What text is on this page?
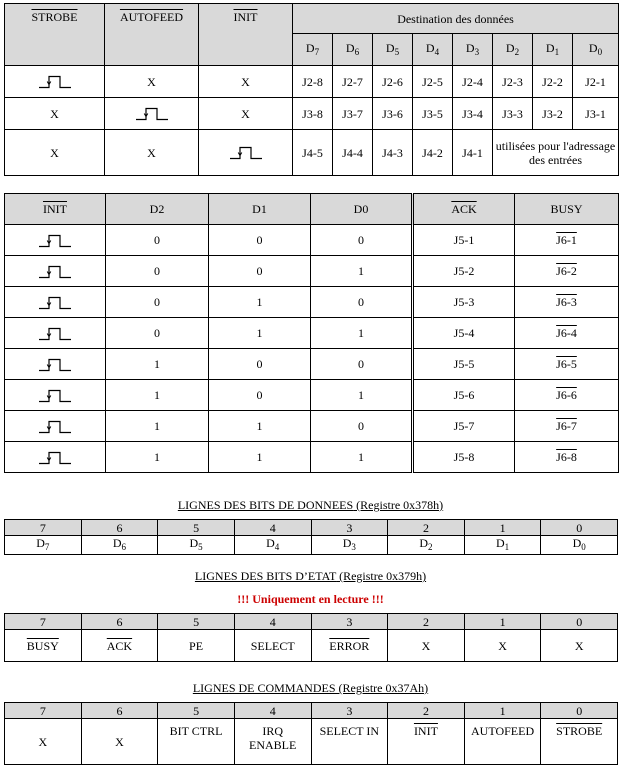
STROBE	AUTOFEED	INIT	Destination des données							
			$D_7$	$D_6$	$D_5$	$D_4$	$D_3$	$D_2$	$D_1$	$D_0$
	X	X	J2-8	J2-7	J2-6	J2-5	J2-4	J2-3	J2-2	J2-1
X		X	J3-8	J3-7	J3-6	J3-5	J3-4	J3-3	J3-2	J3-1
X	X		J4-5	J4-4	J4-3	J4-2	J4-1	utilisées pour l'adressage des entrées		
INIT	D2	D1	D0	$\overline{ACK}$	BUSY
	0	0	0	J5-1	J6-1
	0	0	1	J5-2	J6-2
	0	1	0	J5-3	J6-3
	0	1	1	J5-4	J6-4
	1	0	0	J5-5	J6-5
	1	0	1	J5-6	J6-6
	1	1	0	J5-7	J6-7
	1	1	1	J5-8	J6-8
LIGNES DES BITS DE DONNEES (Registre 0x378h)
7	6	5	4	3	2	1	0
$D_7$	$D_6$	$D_5$	$D_4$	$D_3$	$D_2$	$D_1$	$D_0$
LIGNES DES BITS D’ETAT (Registre 0x379h)
!!! Uniquement en lecture !!!
7	6	5	4	3	2	1	0
BUSY	$\overline{ACK}$	PE	SELECT	ERROR	X	X	X
LIGNES DE COMMANDES (Registre 0x37Ah)
7	6	5	4	3	2	1	0
X	X	BIT CTRL	IRQ ENABLE	SELECT IN	INIT	AUTOFEED	STROBE
